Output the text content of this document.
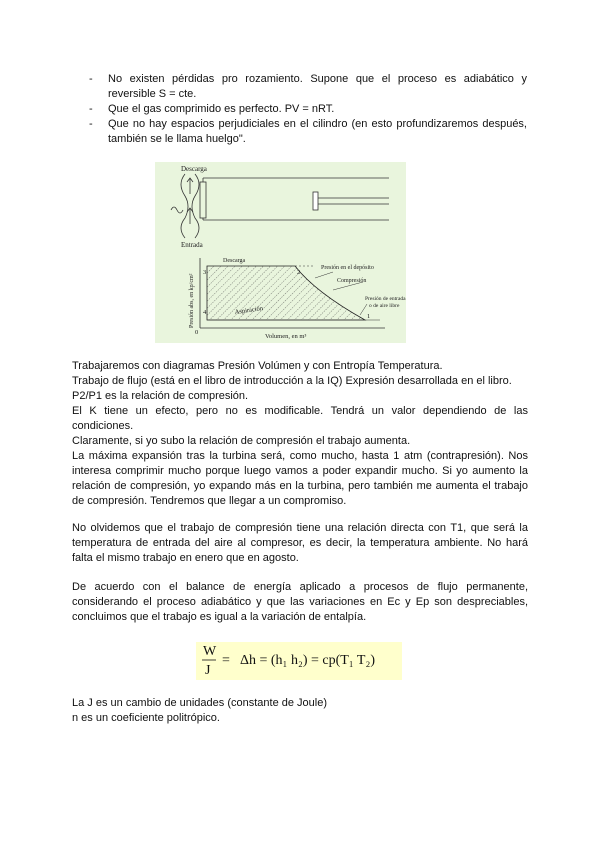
- No existen pérdidas pro rozamiento. Supone que el proceso es adiabático y reversible S = cte.
- Que el gas comprimido es perfecto. PV = nRT.
- Que no hay espacios perjudiciales en el cilindro (en esto profundizaremos después, también se le llama huelgo".
Descarga
Entrada
Descarga
Presión en el depósito
Compresión
Presión de entrada
o de aire libre
Aspiración
Presión abs, en kp/cm²
Volumen, en m³
1
2
3
4
0
Trabajaremos con diagramas Presión Volúmen y con Entropía Temperatura.
Trabajo de flujo (está en el libro de introducción a la IQ) Expresión desarrollada en el libro.
P2/P1 es la relación de compresión.
El K tiene un efecto, pero no es modificable. Tendrá un valor dependiendo de las condiciones.
Claramente, si yo subo la relación de compresión el trabajo aumenta.
La máxima expansión tras la turbina será, como mucho, hasta 1 atm (contrapresión). Nos interesa comprimir mucho porque luego vamos a poder expandir mucho. Si yo aumento la relación de compresión, yo expando más en la turbina, pero también me aumenta el trabajo de compresión. Tendremos que llegar a un compromiso.
No olvidemos que el trabajo de compresión tiene una relación directa con T1, que será la temperatura de entrada del aire al compresor, es decir, la temperatura ambiente. No hará falta el mismo trabajo en enero que en agosto.
De acuerdo con el balance de energía aplicado a procesos de flujo permanente, considerando el proceso adiabático y que las variaciones en Ec y Ep son despreciables, concluimos que el trabajo es igual a la variación de entalpía.
W
J
= Δh = (h₁ h₂) = cp(T₁ T₂)
La J es un cambio de unidades (constante de Joule)
n es un coeficiente politrópico.
